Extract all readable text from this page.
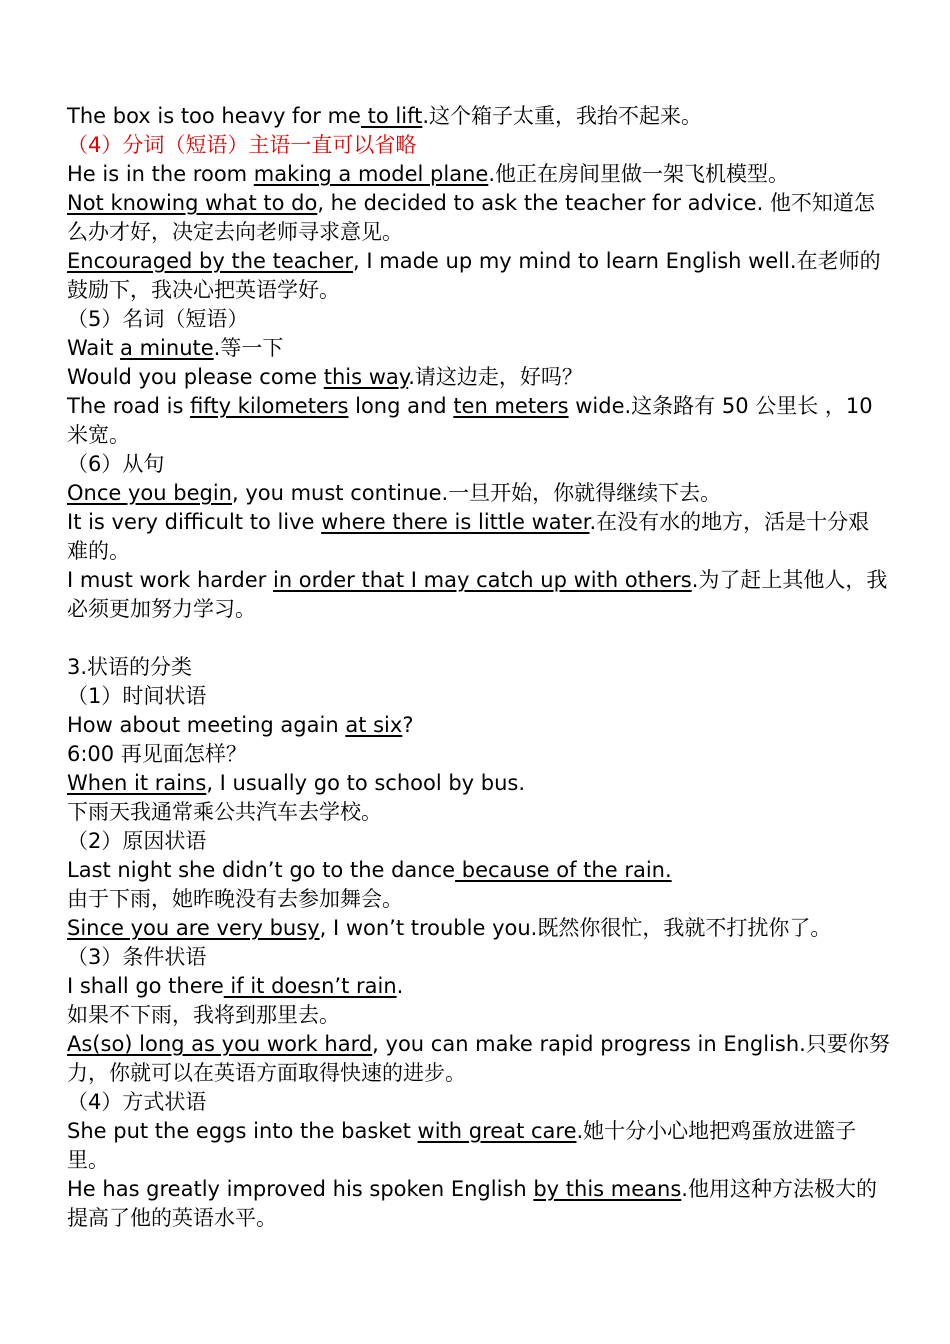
The box is too heavy for me to lift.这个箱子太重，我抬不起来。
（4）分词（短语）主语一直可以省略
He is in the room making a model plane.他正在房间里做一架飞机模型。
Not knowing what to do, he decided to ask the teacher for advice. 他不知道怎么办才好，决定去向老师寻求意见。
Encouraged by the teacher, I made up my mind to learn English well.在老师的鼓励下，我决心把英语学好。
（5）名词（短语）
Wait a minute.等一下
Would you please come this way.请这边走，好吗？
The road is fifty kilometers long and ten meters wide.这条路有 50 公里长 ，10 米宽。
（6）从句
Once you begin, you must continue.一旦开始，你就得继续下去。
It is very difficult to live where there is little water.在没有水的地方，活是十分艰难的。
I must work harder in order that I may catch up with others.为了赶上其他人，我必须更加努力学习。
3.状语的分类
（1）时间状语
How about meeting again at six?
6:00 再见面怎样？
When it rains, I usually go to school by bus.
下雨天我通常乘公共汽车去学校。
（2）原因状语
Last night she didn’t go to the dance because of the rain.
由于下雨，她昨晚没有去参加舞会。
Since you are very busy, I won’t trouble you.既然你很忙，我就不打扰你了。
（3）条件状语
I shall go there if it doesn’t rain.
如果不下雨，我将到那里去。
As(so) long as you work hard, you can make rapid progress in English.只要你努力，你就可以在英语方面取得快速的进步。
（4）方式状语
She put the eggs into the basket with great care.她十分小心地把鸡蛋放进篮子里。
He has greatly improved his spoken English by this means.他用这种方法极大的提高了他的英语水平。
